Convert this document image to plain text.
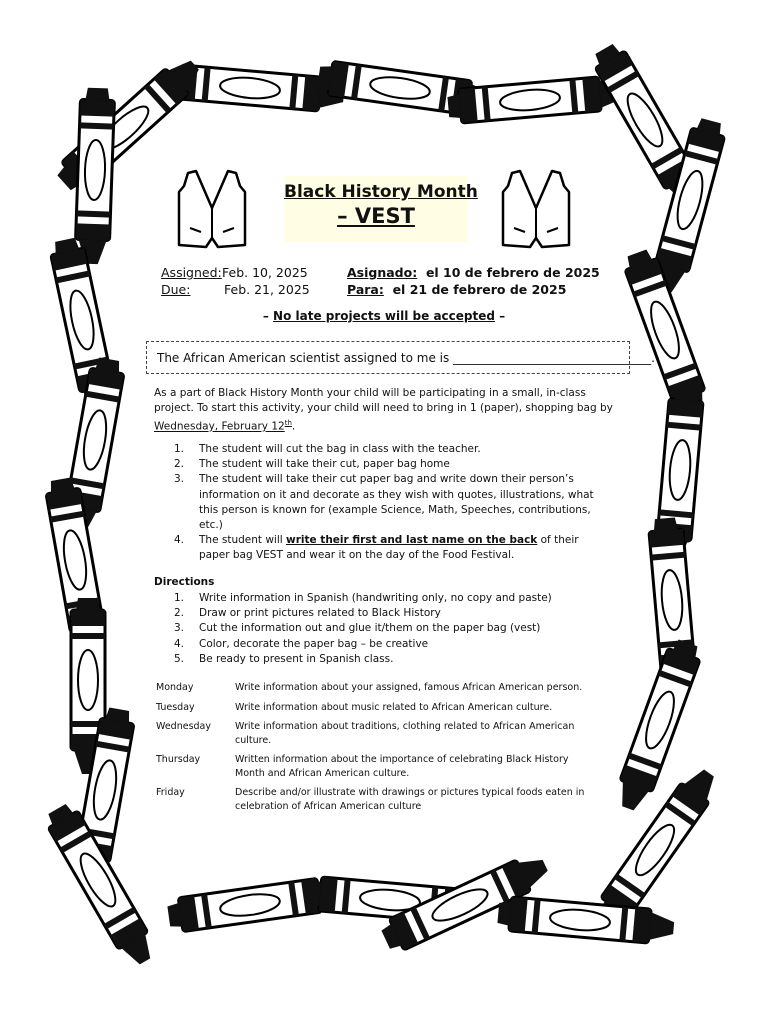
Black History Month
– VEST
Assigned:Feb. 10, 2025
Due:	Feb. 21, 2025
Asignado: el 10 de febrero de 2025
Para: el 21 de febrero de 2025
– No late projects will be accepted –
The African American scientist assigned to me is _________________________________.
As a part of Black History Month your child will be participating in a small, in-class project. To start this activity, your child will need to bring in 1 (paper), shopping bag by Wednesday, February 12th.
1. The student will cut the bag in class with the teacher.
2. The student will take their cut, paper bag home
3. The student will take their cut paper bag and write down their person’s information on it and decorate as they wish with quotes, illustrations, what this person is known for (example Science, Math, Speeches, contributions, etc.)
4. The student will write their first and last name on the back of their paper bag VEST and wear it on the day of the Food Festival.
Directions
1. Write information in Spanish (handwriting only, no copy and paste)
2. Draw or print pictures related to Black History
3. Cut the information out and glue it/them on the paper bag (vest)
4. Color, decorate the paper bag – be creative
5. Be ready to present in Spanish class.
Monday	Write information about your assigned, famous African American person.
Tuesday	Write information about music related to African American culture.
Wednesday	Write information about traditions, clothing related to African American culture.
Thursday	Written information about the importance of celebrating Black History Month and African American culture.
Friday	Describe and/or illustrate with drawings or pictures typical foods eaten in celebration of African American culture
